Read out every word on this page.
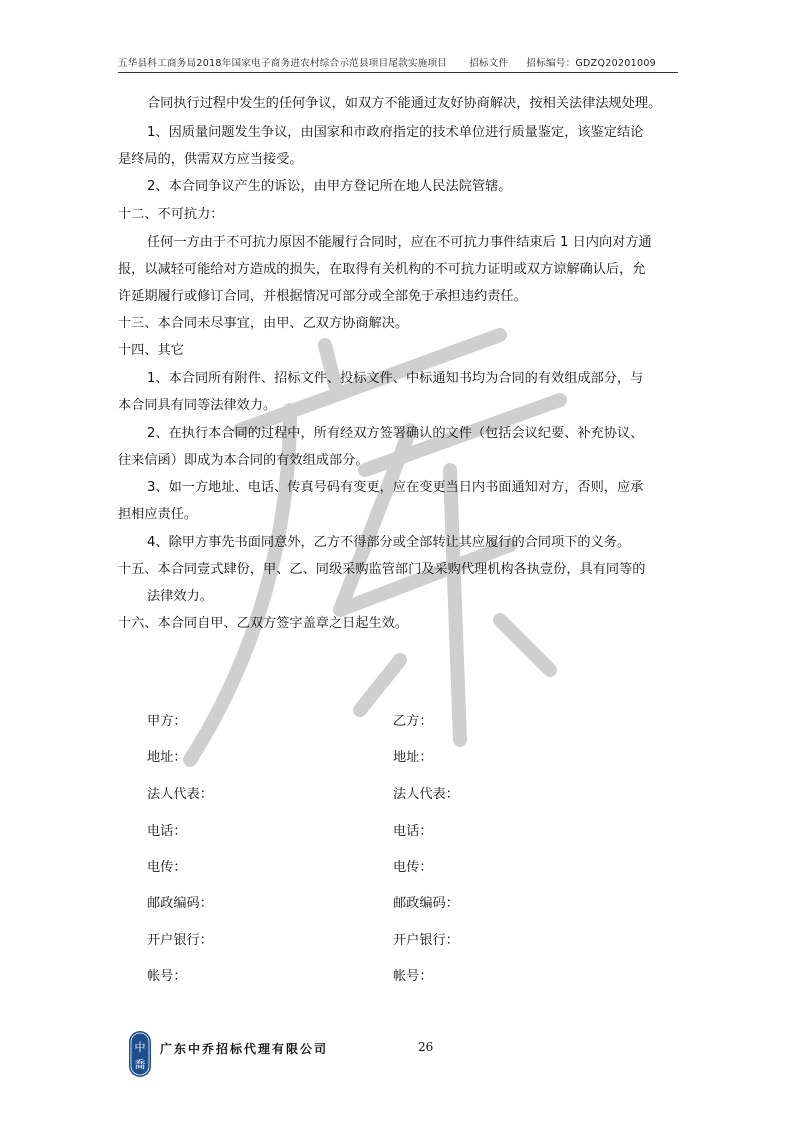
五华县科工商务局2018年国家电子商务进农村综合示范县项目尾款实施项目 招标文件 招标编号：GDZQ20201009
合同执行过程中发生的任何争议，如双方不能通过友好协商解决，按相关法律法规处理。
1、因质量问题发生争议，由国家和市政府指定的技术单位进行质量鉴定，该鉴定结论
是终局的，供需双方应当接受。
2、本合同争议产生的诉讼，由甲方登记所在地人民法院管辖。
十二、不可抗力：
任何一方由于不可抗力原因不能履行合同时，应在不可抗力事件结束后 1 日内向对方通
报，以减轻可能给对方造成的损失，在取得有关机构的不可抗力证明或双方谅解确认后，允
许延期履行或修订合同，并根据情况可部分或全部免于承担违约责任。
十三、本合同未尽事宜，由甲、乙双方协商解决。
十四、其它
1、本合同所有附件、招标文件、投标文件、中标通知书均为合同的有效组成部分，与
本合同具有同等法律效力。
2、在执行本合同的过程中，所有经双方签署确认的文件（包括会议纪要、补充协议、
往来信函）即成为本合同的有效组成部分。
3、如一方地址、电话、传真号码有变更，应在变更当日内书面通知对方，否则，应承
担相应责任。
4、除甲方事先书面同意外，乙方不得部分或全部转让其应履行的合同项下的义务。
十五、本合同壹式肆份，甲、乙、同级采购监管部门及采购代理机构各执壹份，具有同等的
法律效力。
十六、本合同自甲、乙双方签字盖章之日起生效。
甲方：	乙方：
地址：	地址：
法人代表：	法人代表：
电话：	电话：
电传：	电传：
邮政编码：	邮政编码：
开户银行：	开户银行：
帐号：	帐号：
中
喬
广东中乔招标代理有限公司	26
